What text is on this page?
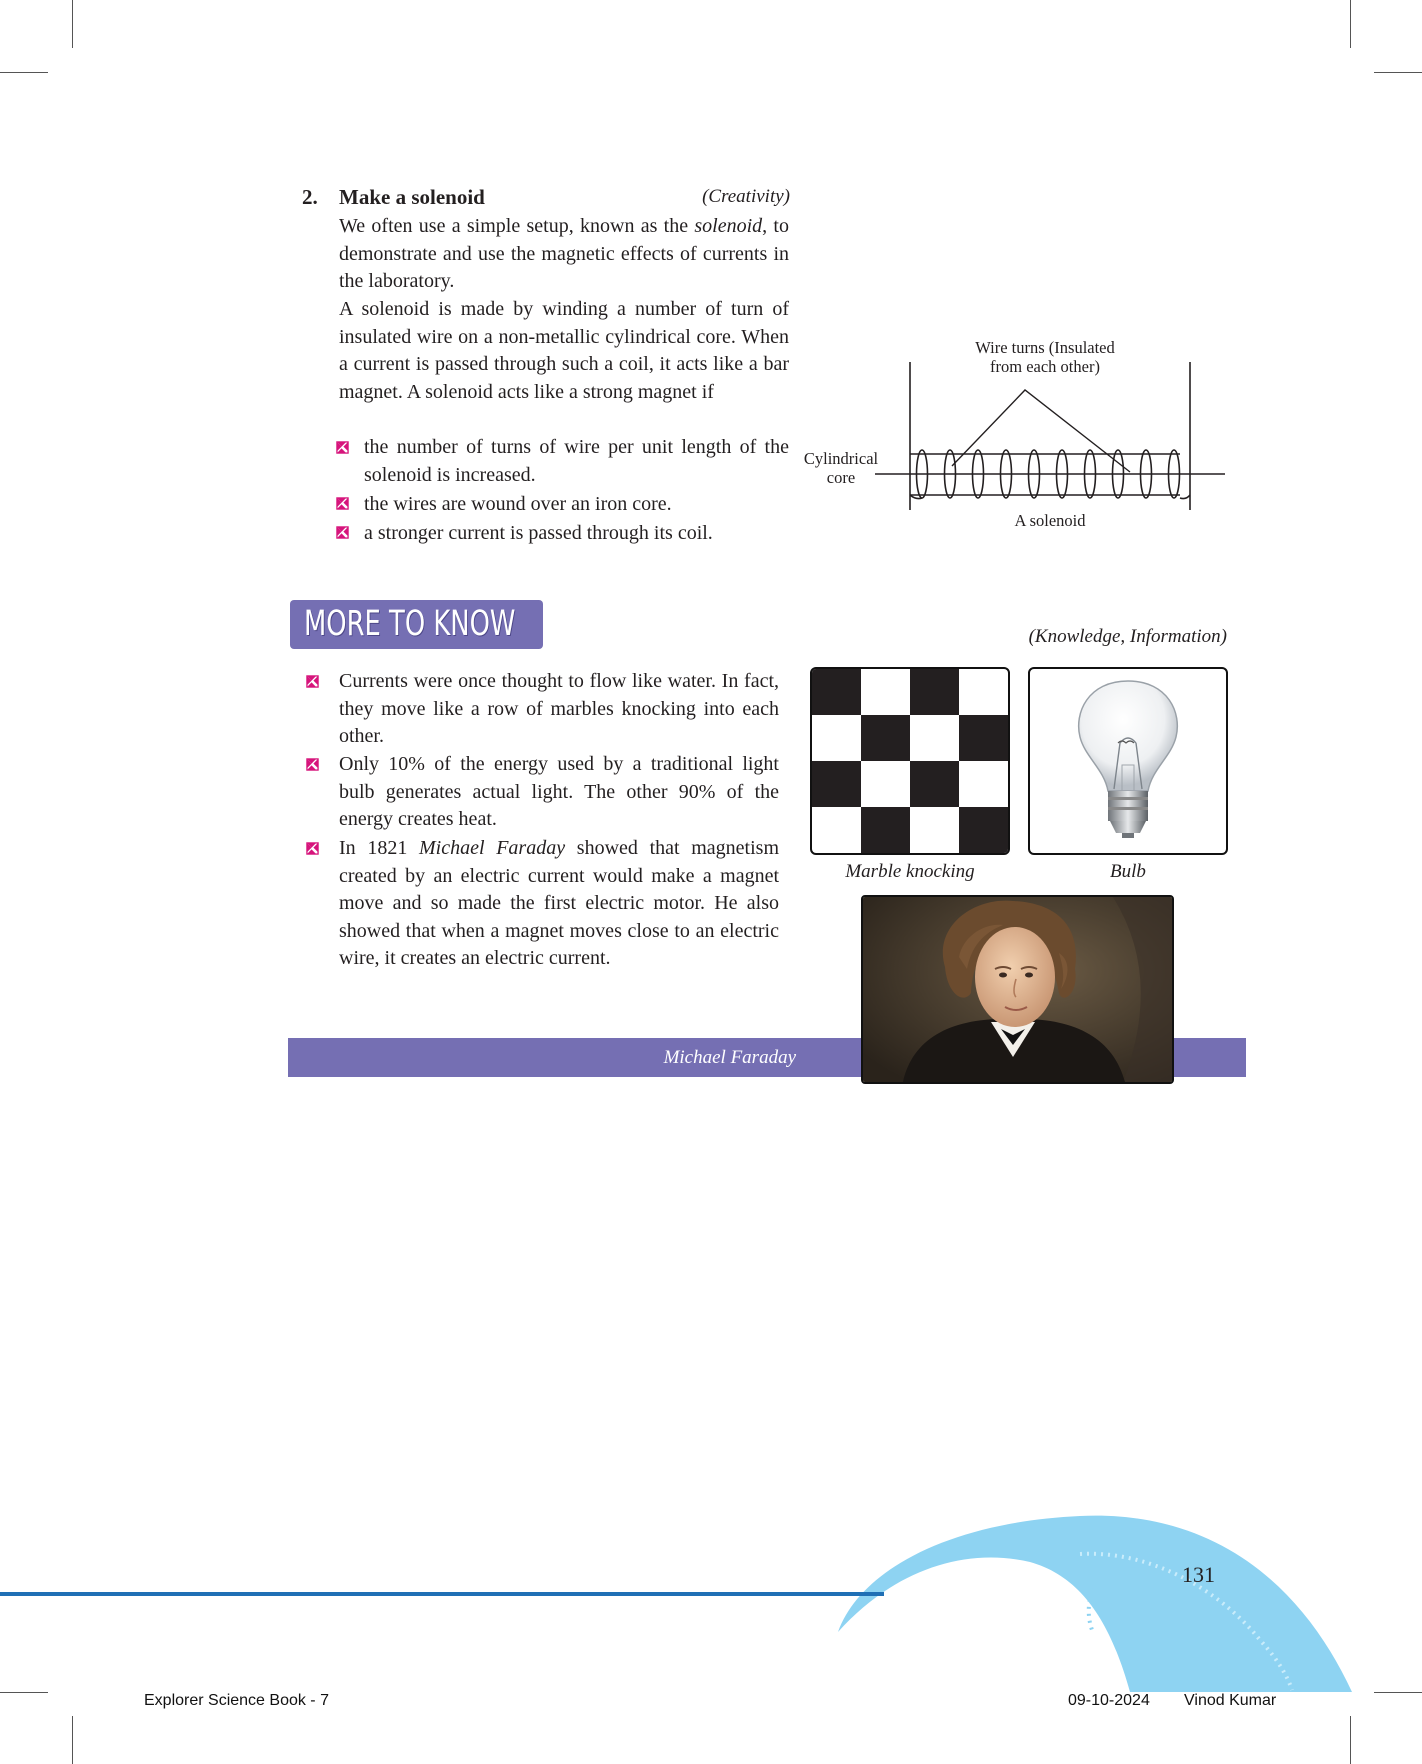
2. Make a solenoid	(Creativity)
We often use a simple setup, known as the solenoid, to demonstrate and use the magnetic effects of currents in the laboratory.
A solenoid is made by winding a number of turn of insulated wire on a non-metallic cylindrical core. When a current is passed through such a coil, it acts like a bar magnet. A solenoid acts like a strong magnet if
the number of turns of wire per unit length of the solenoid is increased.
the wires are wound over an iron core.
a stronger current is passed through its coil.
Wire turns (Insulated
from each other)
Cylindrical
core
A solenoid
MORE TO KNOW	(Knowledge, Information)
Currents were once thought to flow like water. In fact, they move like a row of marbles knocking into each other.
Only 10% of the energy used by a traditional light bulb generates actual light. The other 90% of the energy creates heat.
In 1821 Michael Faraday showed that magnetism created by an electric current would make a magnet move and so made the first electric motor. He also showed that when a magnet moves close to an electric wire, it creates an electric current.
Marble knocking	Bulb
Michael Faraday
131
Explorer Science Book - 7	09-10-2024 Vinod Kumar
